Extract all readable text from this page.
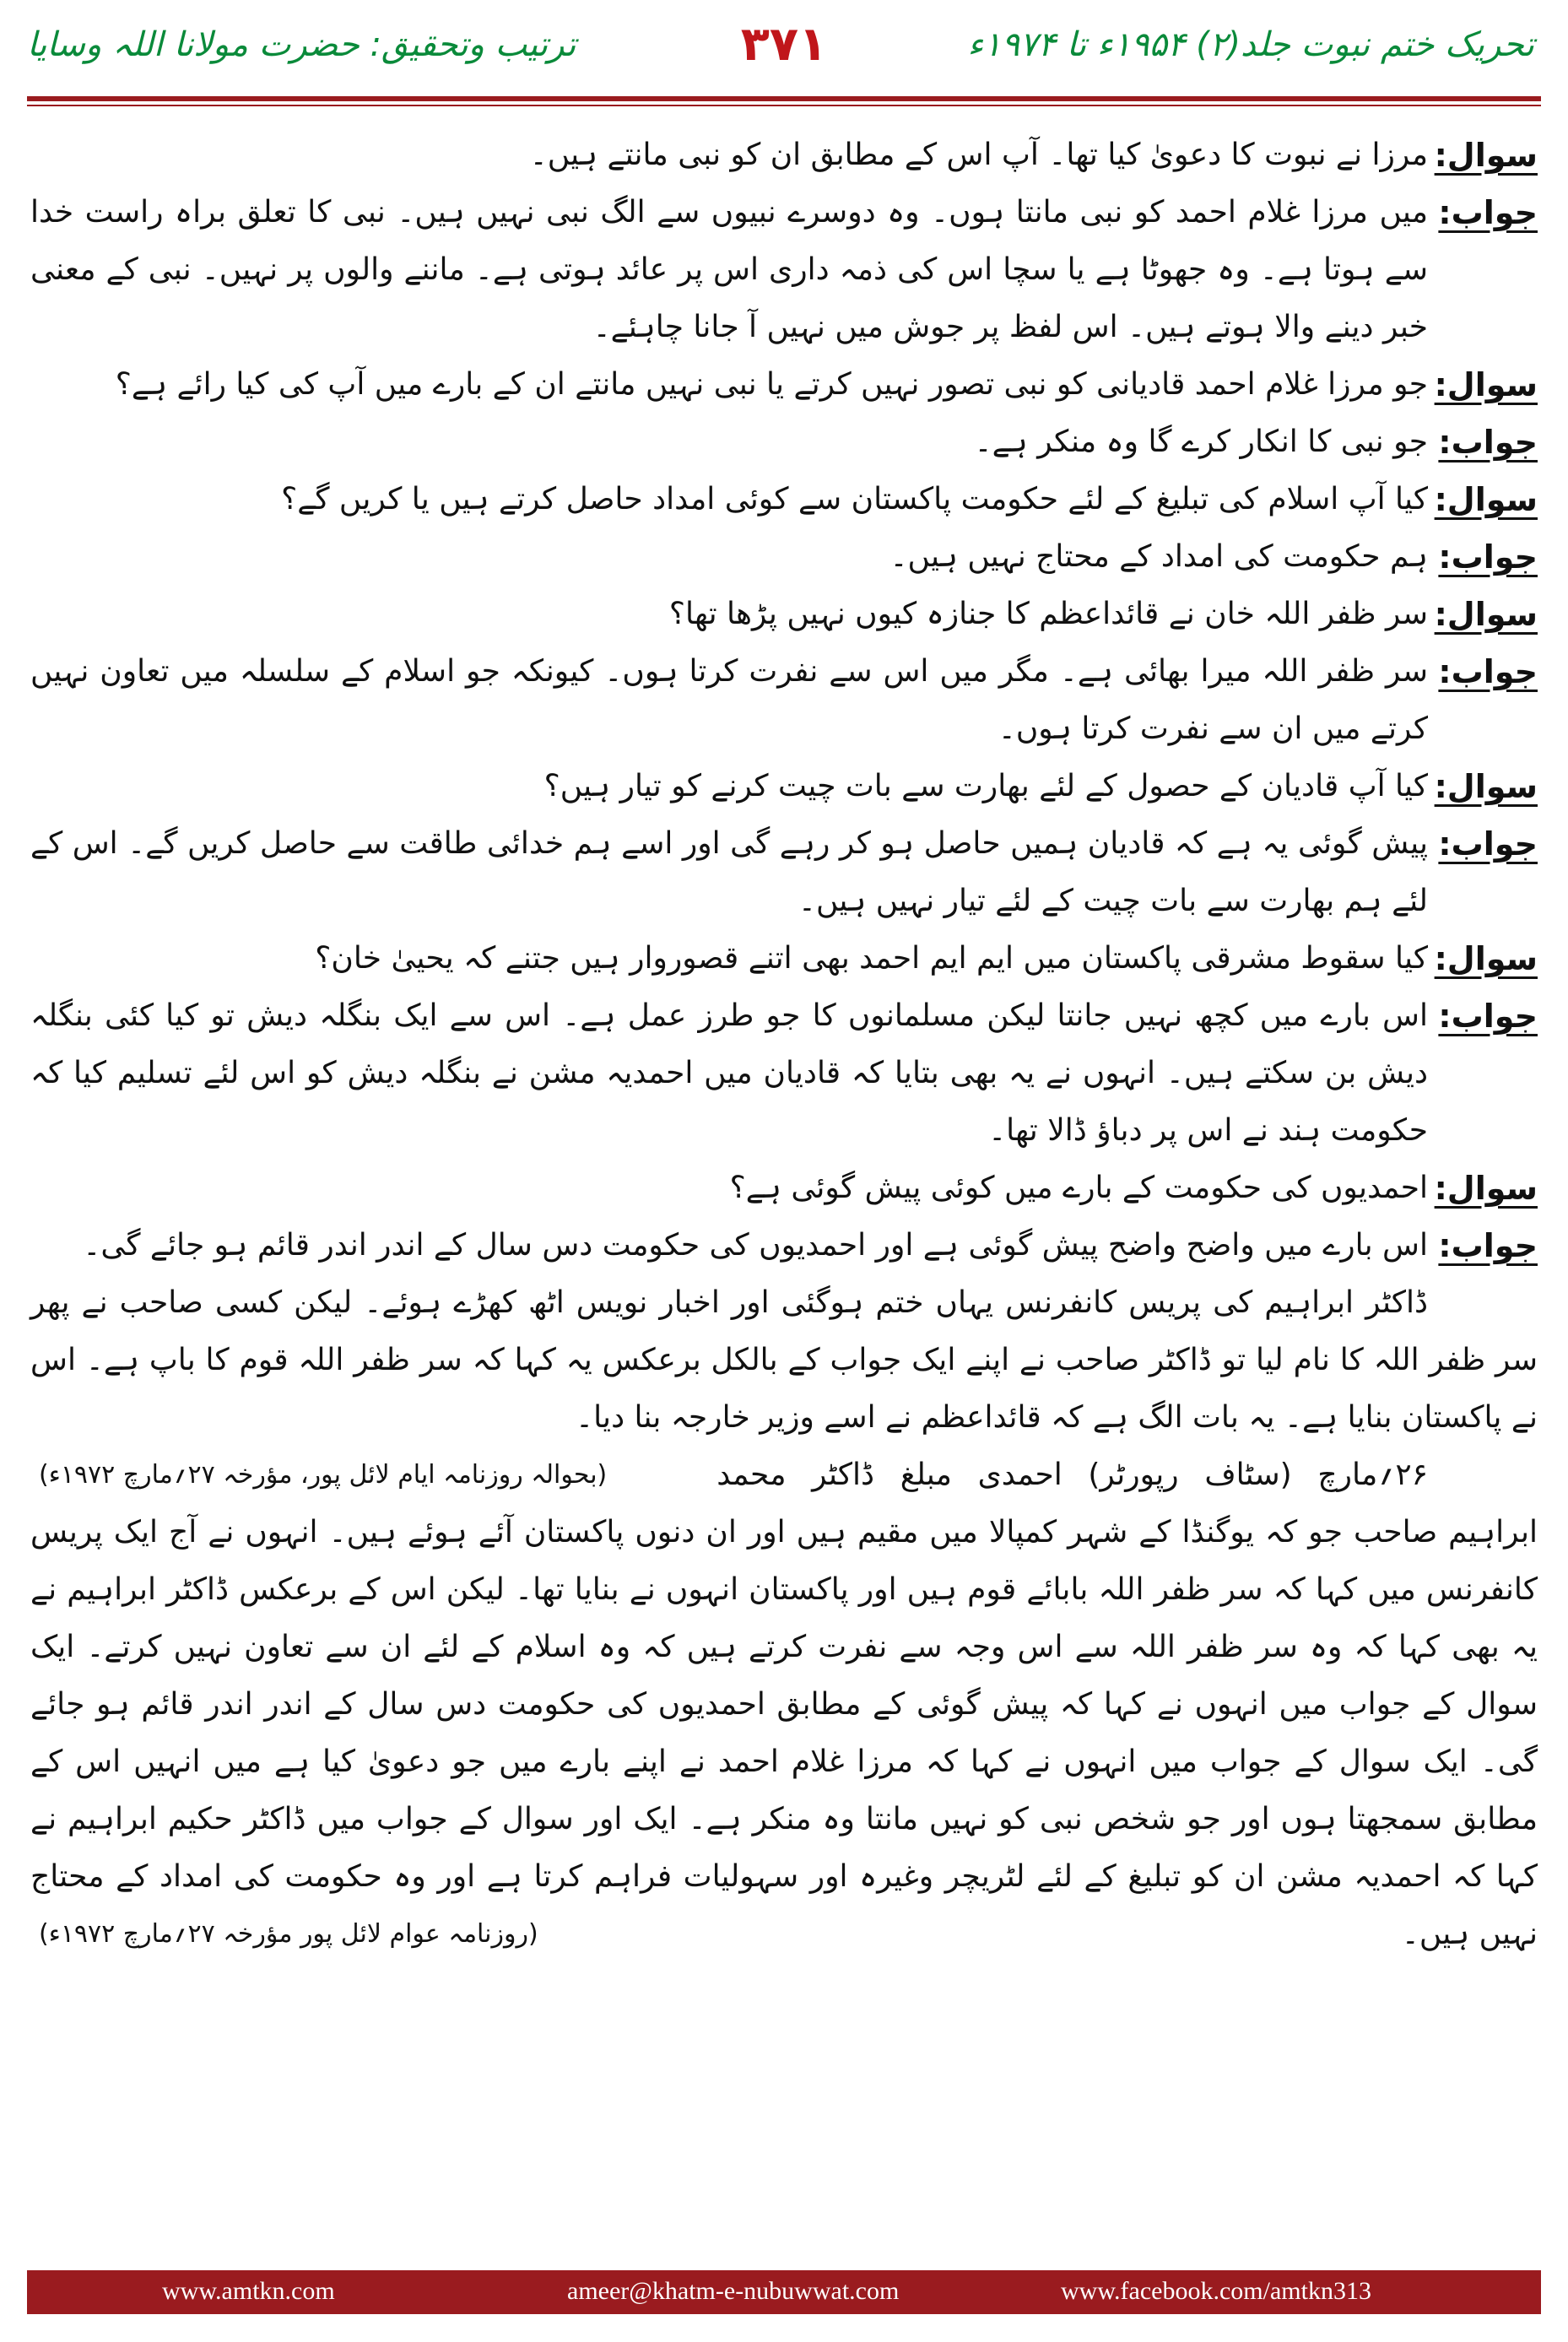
تحریک ختم نبوت جلد(۲) ۱۹۵۴ء تا ۱۹۷۴ء
۳۷۱
ترتیب وتحقیق: حضرت مولانا اللہ وسایا
سوال:
مرزا نے نبوت کا دعویٰ کیا تھا۔ آپ اس کے مطابق ان کو نبی مانتے ہیں۔
جواب:
میں مرزا غلام احمد کو نبی مانتا ہوں۔ وہ دوسرے نبیوں سے الگ نبی نہیں ہیں۔ نبی کا تعلق براہ راست خدا سے ہوتا ہے۔ وہ جھوٹا ہے یا سچا اس کی ذمہ داری اس پر عائد ہوتی ہے۔ ماننے والوں پر نہیں۔ نبی کے معنی خبر دینے والا ہوتے ہیں۔ اس لفظ پر جوش میں نہیں آ جانا چاہئے۔
سوال:
جو مرزا غلام احمد قادیانی کو نبی تصور نہیں کرتے یا نبی نہیں مانتے ان کے بارے میں آپ کی کیا رائے ہے؟
جواب:
جو نبی کا انکار کرے گا وہ منکر ہے۔
سوال:
کیا آپ اسلام کی تبلیغ کے لئے حکومت پاکستان سے کوئی امداد حاصل کرتے ہیں یا کریں گے؟
جواب:
ہم حکومت کی امداد کے محتاج نہیں ہیں۔
سوال:
سر ظفر اللہ خان نے قائداعظم کا جنازہ کیوں نہیں پڑھا تھا؟
جواب:
سر ظفر اللہ میرا بھائی ہے۔ مگر میں اس سے نفرت کرتا ہوں۔ کیونکہ جو اسلام کے سلسلہ میں تعاون نہیں کرتے میں ان سے نفرت کرتا ہوں۔
سوال:
کیا آپ قادیان کے حصول کے لئے بھارت سے بات چیت کرنے کو تیار ہیں؟
جواب:
پیش گوئی یہ ہے کہ قادیان ہمیں حاصل ہو کر رہے گی اور اسے ہم خدائی طاقت سے حاصل کریں گے۔ اس کے لئے ہم بھارت سے بات چیت کے لئے تیار نہیں ہیں۔
سوال:
کیا سقوط مشرقی پاکستان میں ایم ایم احمد بھی اتنے قصوروار ہیں جتنے کہ یحییٰ خان؟
جواب:
اس بارے میں کچھ نہیں جانتا لیکن مسلمانوں کا جو طرز عمل ہے۔ اس سے ایک بنگلہ دیش تو کیا کئی بنگلہ دیش بن سکتے ہیں۔ انہوں نے یہ بھی بتایا کہ قادیان میں احمدیہ مشن نے بنگلہ دیش کو اس لئے تسلیم کیا کہ حکومت ہند نے اس پر دباؤ ڈالا تھا۔
سوال:
احمدیوں کی حکومت کے بارے میں کوئی پیش گوئی ہے؟
جواب:
اس بارے میں واضح واضح پیش گوئی ہے اور احمدیوں کی حکومت دس سال کے اندر اندر قائم ہو جائے گی۔
ڈاکٹر ابراہیم کی پریس کانفرنس یہاں ختم ہوگئی اور اخبار نویس اٹھ کھڑے ہوئے۔ لیکن کسی صاحب نے پھر سر ظفر اللہ کا نام لیا تو ڈاکٹر صاحب نے اپنے ایک جواب کے بالکل برعکس یہ کہا کہ سر ظفر اللہ قوم کا باپ ہے۔ اس نے پاکستان بنایا ہے۔ یہ بات الگ ہے کہ قائداعظم نے اسے وزیر خارجہ بنا دیا۔
(بحوالہ روزنامہ ایام لائل پور، مؤرخہ ۲۷؍مارچ ۱۹۷۲ء)	۲۶؍مارچ (سٹاف رپورٹر) احمدی مبلغ ڈاکٹر محمد ابراہیم صاحب جو کہ یوگنڈا کے شہر کمپالا میں مقیم ہیں اور ان دنوں پاکستان آئے ہوئے ہیں۔ انہوں نے آج ایک پریس کانفرنس میں کہا کہ سر ظفر اللہ بابائے قوم ہیں اور پاکستان انہوں نے بنایا تھا۔ لیکن اس کے برعکس ڈاکٹر ابراہیم نے یہ بھی کہا کہ وہ سر ظفر اللہ سے اس وجہ سے نفرت کرتے ہیں کہ وہ اسلام کے لئے ان سے تعاون نہیں کرتے۔ ایک سوال کے جواب میں انہوں نے کہا کہ پیش گوئی کے مطابق احمدیوں کی حکومت دس سال کے اندر اندر قائم ہو جائے گی۔ ایک سوال کے جواب میں انہوں نے کہا کہ مرزا غلام احمد نے اپنے بارے میں جو دعویٰ کیا ہے میں انہیں اس کے مطابق سمجھتا ہوں اور جو شخص نبی کو نہیں مانتا وہ منکر ہے۔ ایک اور سوال کے جواب میں ڈاکٹر حکیم ابراہیم نے کہا کہ احمدیہ مشن ان کو تبلیغ کے لئے لٹریچر وغیرہ اور سہولیات فراہم کرتا ہے اور وہ حکومت کی امداد کے محتاج نہیں ہیں۔
(روزنامہ عوام لائل پور مؤرخہ ۲۷؍مارچ ۱۹۷۲ء)
www.amtkn.com	ameer@khatm-e-nubuwwat.com	www.facebook.com/amtkn313
